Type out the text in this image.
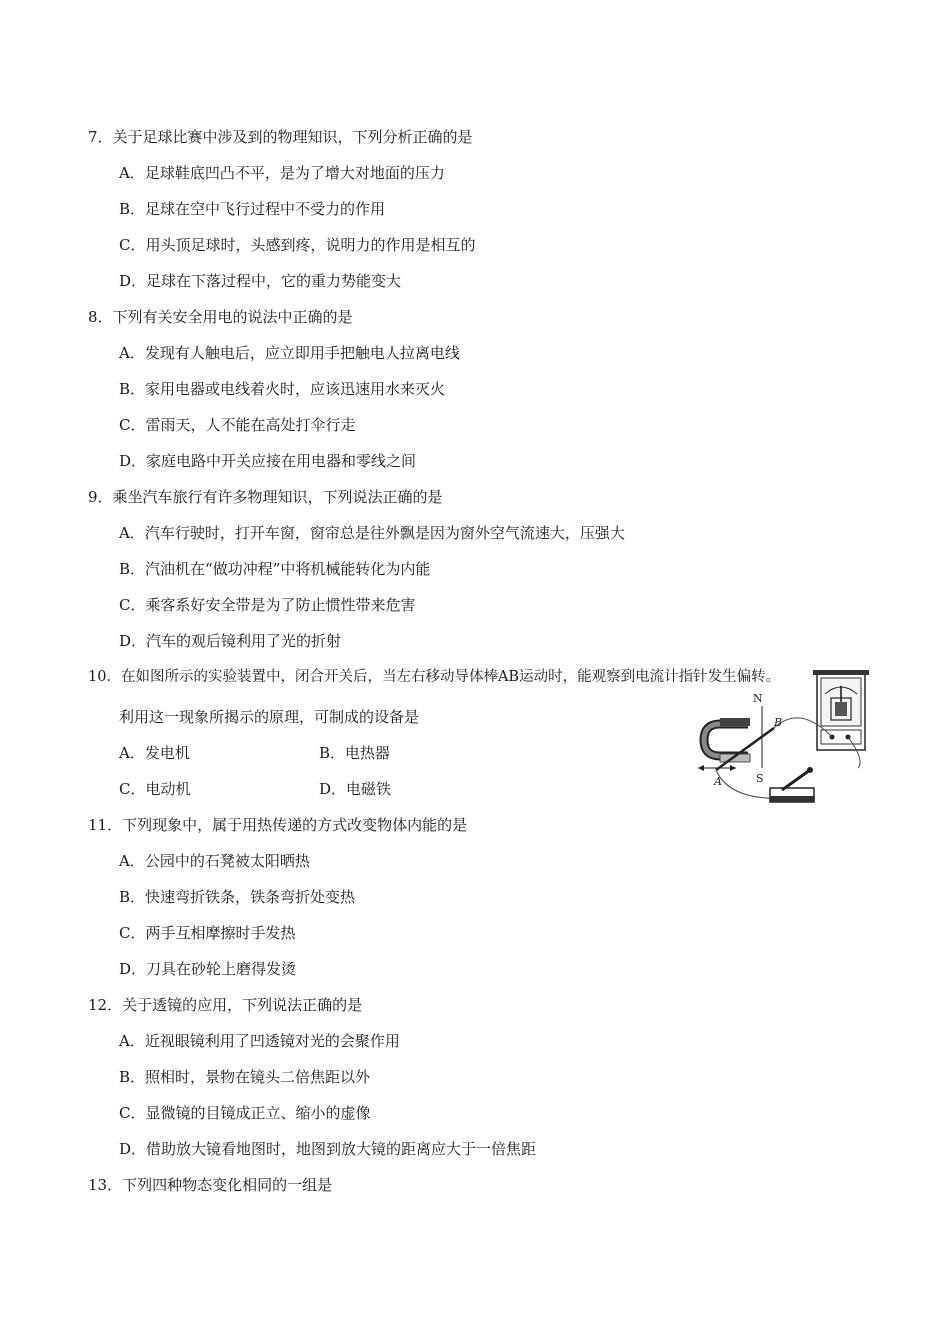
7．关于足球比赛中涉及到的物理知识，下列分析正确的是
A．足球鞋底凹凸不平，是为了增大对地面的压力
B．足球在空中飞行过程中不受力的作用
C．用头顶足球时，头感到疼，说明力的作用是相互的
D．足球在下落过程中，它的重力势能变大
8．下列有关安全用电的说法中正确的是
A．发现有人触电后，应立即用手把触电人拉离电线
B．家用电器或电线着火时，应该迅速用水来灭火
C．雷雨天，人不能在高处打伞行走
D．家庭电路中开关应接在用电器和零线之间
9．乘坐汽车旅行有许多物理知识，下列说法正确的是
A．汽车行驶时，打开车窗，窗帘总是往外飘是因为窗外空气流速大，压强大
B．汽油机在“做功冲程”中将机械能转化为内能
C．乘客系好安全带是为了防止惯性带来危害
D．汽车的观后镜利用了光的折射
10．在如图所示的实验装置中，闭合开关后，当左右移动导体棒AB运动时，能观察到电流计指针发生偏转。
利用这一现象所揭示的原理，可制成的设备是
A．发电机	B．电热器
C．电动机	D．电磁铁
N
S
A
B
11．下列现象中，属于用热传递的方式改变物体内能的是
A．公园中的石凳被太阳晒热
B．快速弯折铁条，铁条弯折处变热
C．两手互相摩擦时手发热
D．刀具在砂轮上磨得发烫
12．关于透镜的应用，下列说法正确的是
A．近视眼镜利用了凹透镜对光的会聚作用
B．照相时，景物在镜头二倍焦距以外
C．显微镜的目镜成正立、缩小的虚像
D．借助放大镜看地图时，地图到放大镜的距离应大于一倍焦距
13．下列四种物态变化相同的一组是
